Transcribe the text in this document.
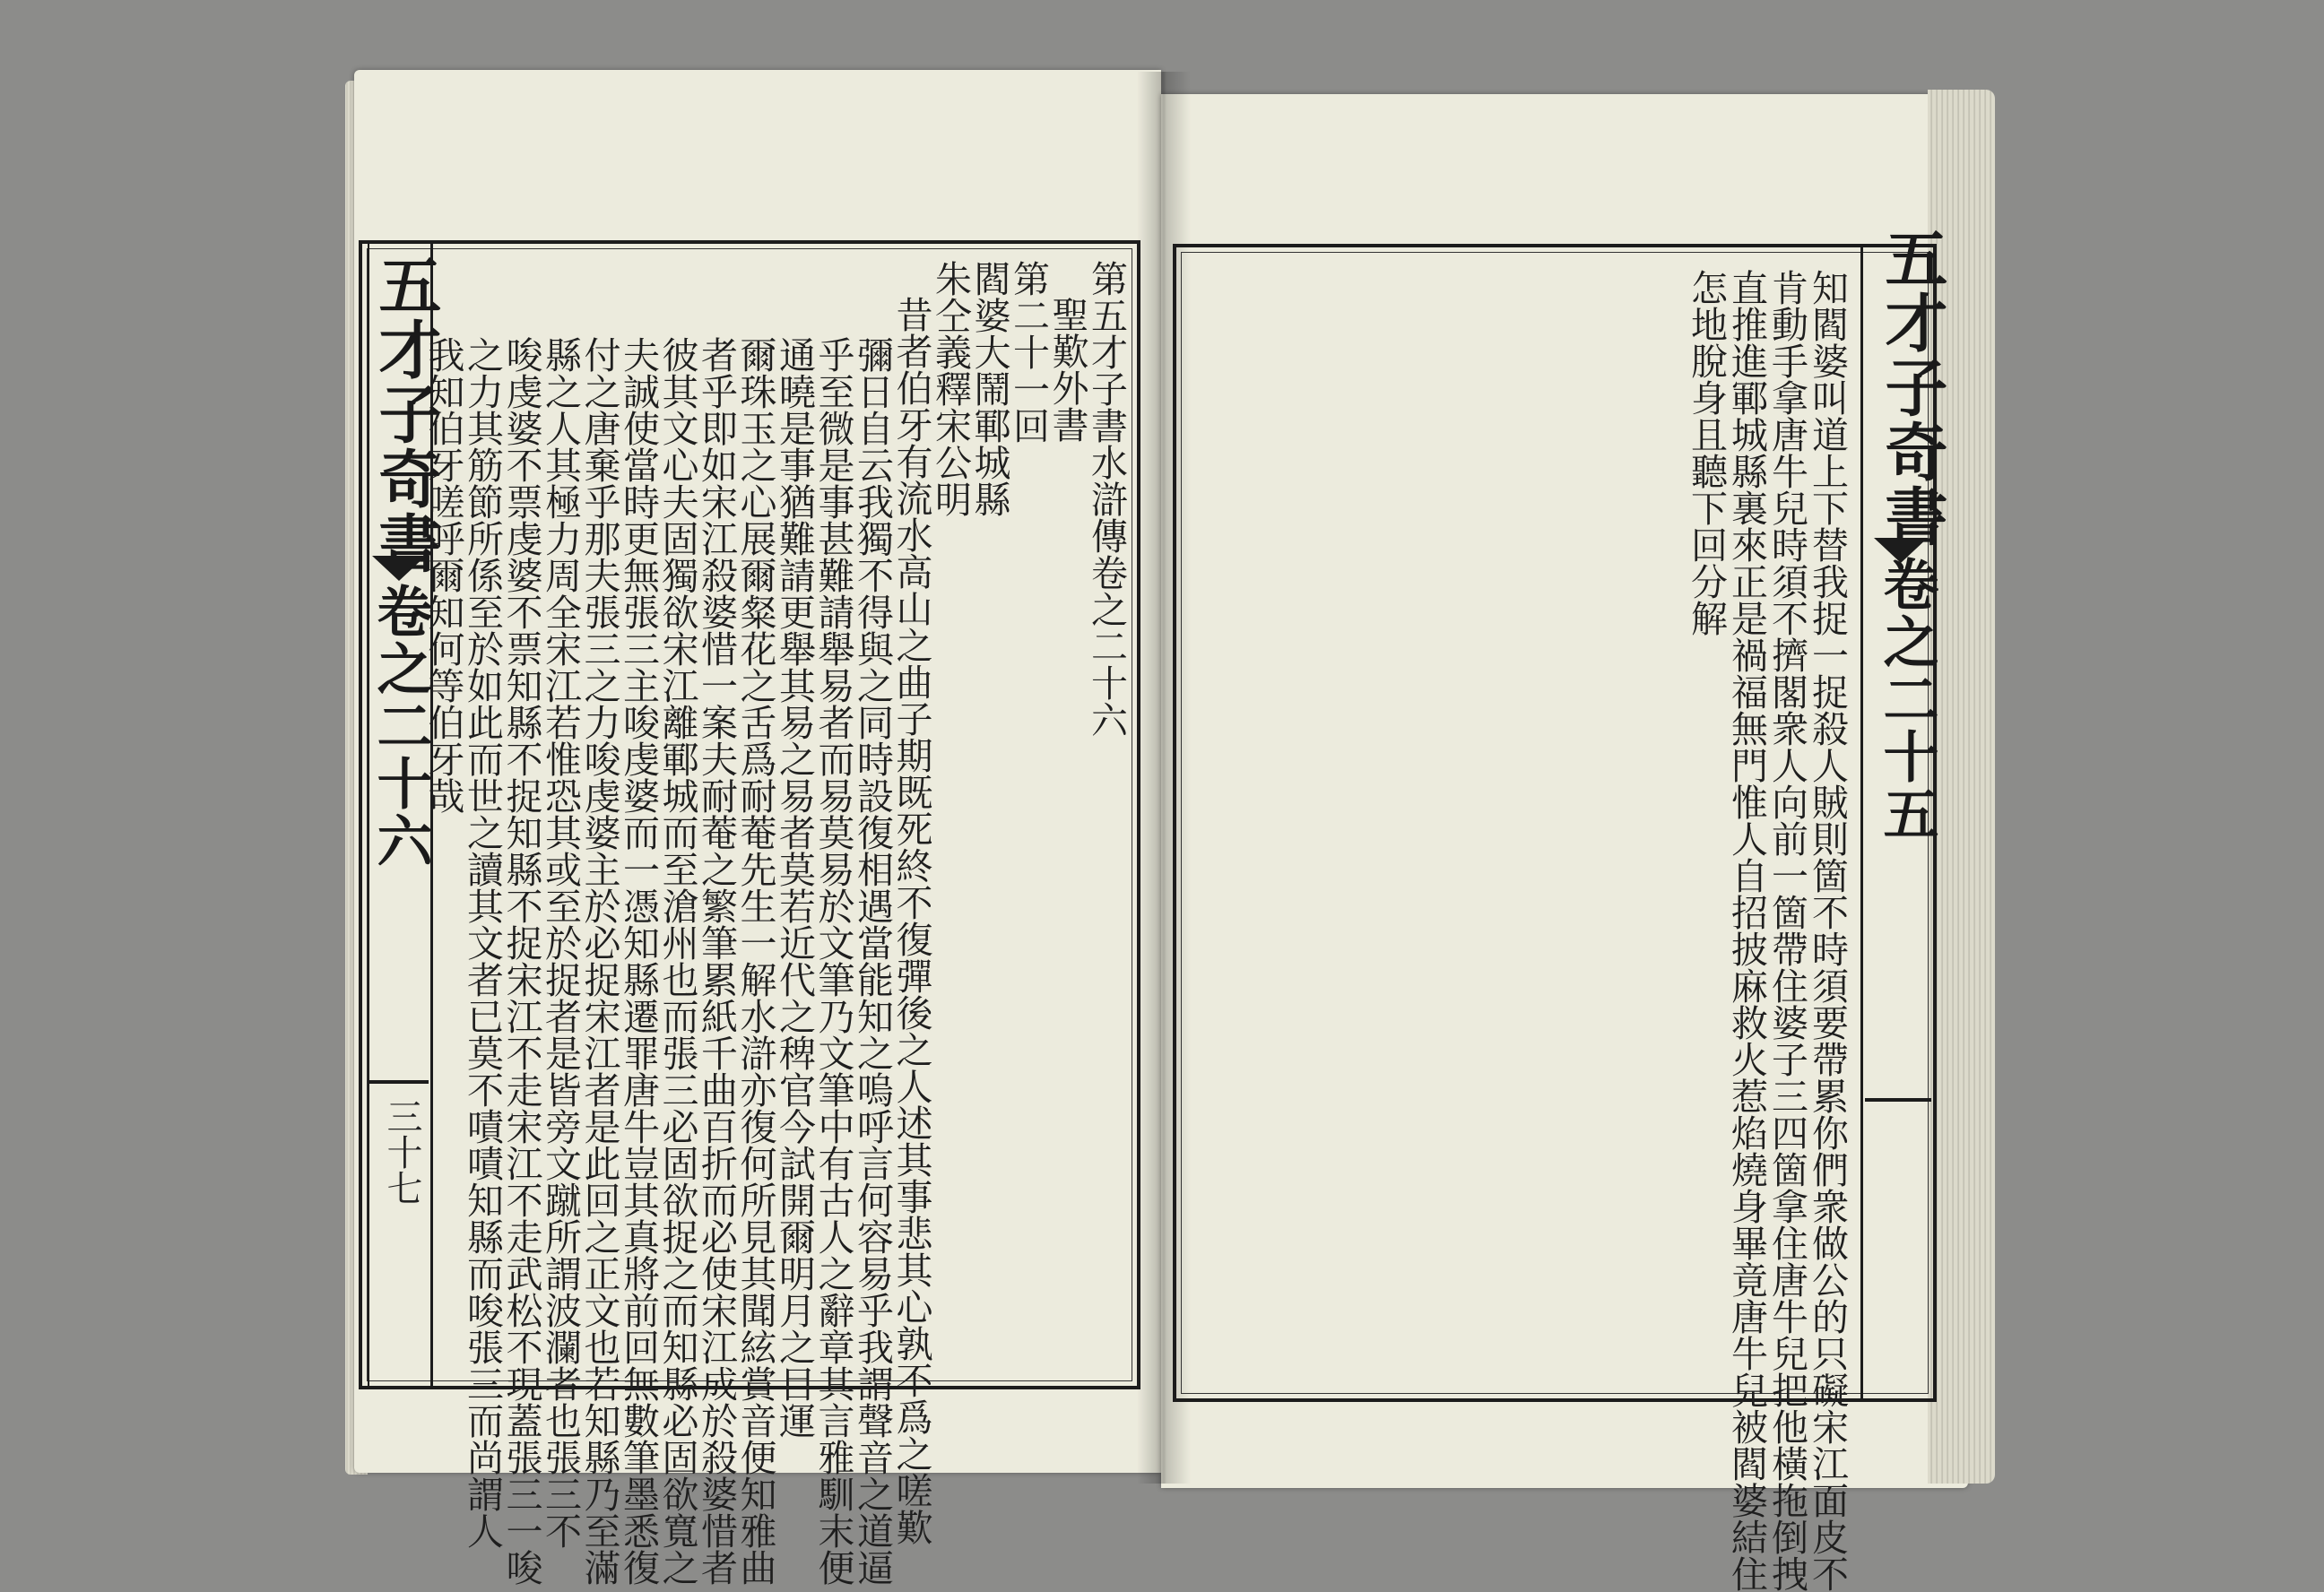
五才子奇書
卷之二十六
三十七
第五才子書水滸傳卷之二十六
聖歎外書
第二十一回
閻婆大鬧鄆城縣
朱仝義釋宋公明
昔者伯牙有流水高山之曲子期既死終不復彈後之人述其事悲其心孰不爲之嗟歎
彌日自云我獨不得與之同時設復相遇當能知之嗚呼言何容易乎我謂聲音之道逼
乎至微是事甚難請舉易者而易莫易於文筆乃文筆中有古人之辭章其言雅馴末便
通曉是事猶難請更舉其易之易者莫若近代之稗官今試開爾明月之目運
爾珠玉之心展爾粲花之舌爲耐菴先生一解水滸亦復何所見其聞絃賞音便知雅曲
者乎即如宋江殺婆惜一案夫耐菴之繁筆累紙千曲百折而必使宋江成於殺婆惜者
彼其文心夫固獨欲宋江離鄆城而至滄州也而張三必固欲捉之而知縣必固欲寬之
夫誠使當時更無張三主唆虔婆而一憑知縣遷罪唐牛豈其真將前回無數筆墨悉復
付之唐棄乎那夫張三之力唆虔婆主於必捉宋江者是此回之正文也若知縣乃至滿
縣之人其極力周全宋江若惟恐其或至於捉者是皆旁文蹴所謂波瀾者也張三不
唆虔婆不票虔婆不票知縣不捉知縣不捉宋江不走宋江不走武松不現蓋張三一唆
之力其筋節所係至於如此而世之讀其文者已莫不嘖嘖知縣而唆張三而尚謂人
我知伯牙嗟呼爾知何等伯牙哉	五才子奇書
卷之二十五
知閻婆叫道上下替我捉一捉殺人賊則箇不時須要帶累你們衆做公的只礙宋江面皮不
肯動手拿唐牛兒時須不擠閣衆人向前一箇帶住婆子三四箇拿住唐牛兒把他橫拖倒拽
直推進鄆城縣裏來正是禍福無門惟人自招披麻救火惹焰燒身畢竟唐牛兒被閻婆結住
怎地脫身且聽下回分解
